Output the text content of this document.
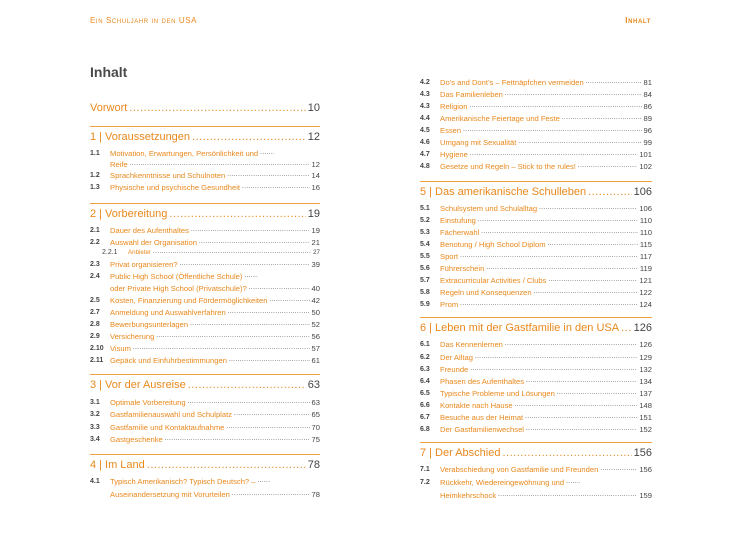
Ein Schuljahr in den USA	Inhalt
Inhalt
Vorwort .....	10
1 | Voraussetzungen .....	12
1.1	Motivation, Erwartungen, Persönlichkeit und
.....
Reife .....	12
1.2	Sprachkenntnisse und Schulnoten .....	14
1.3	Physische und psychische Gesundheit .....	16
2 | Vorbereitung .....	19
2.1	Dauer des Aufenthaltes .....	19
2.2	Auswahl der Organisation .....	21
2.2.1	Anbieter .....	27
2.3	Privat organisieren? .....	39
2.4	Public High School (Öffentliche Schule)
.....
oder Private High School (Privatschule)? .....	40
2.5	Kosten, Finanzierung und Fördermöglichkeiten .....	42
2.7	Anmeldung und Auswahlverfahren .....	50
2.8	Bewerbungsunterlagen .....	52
2.9	Versicherung .....	56
2.10 Visum .....	57
2.11 Gepäck und Einfuhrbestimmungen .....	61
3 | Vor der Ausreise .....	63
3.1	Optimale Vorbereitung .....	63
3.2	Gastfamilienauswahl und Schulplatz .....	65
3.3	Gastfamilie und Kontaktaufnahme .....	70
3.4	Gastgeschenke .....	75
4 | Im Land .....	78
4.1	Typisch Amerikanisch? Typisch Deutsch? –
.....
Auseinandersetzung mit Vorurteilen .....	78
4.2	Do’s and Dont’s – Fettnäpfchen vermeiden .....	81
4.3	Das Familienleben .....	84
4.3	Religion .....	86
4.4	Amerikanische Feiertage und Feste .....	89
4.5	Essen .....	96
4.6	Umgang mit Sexualität .....	99
4.7	Hygiene .....	101
4.8	Gesetze und Regeln – Stick to the rules! .....	102
5 | Das amerikanische Schulleben .....	106
5.1	Schulsystem und Schulalltag .....	106
5.2	Einstufung .....	110
5.3	Fächerwahl .....	110
5.4	Benotung / High School Diplom .....	115
5.5	Sport .....	117
5.6	Führerschein .....	119
5.7	Extracurricular Activities / Clubs .....	121
5.8	Regeln und Konsequenzen .....	122
5.9	Prom .....	124
6 | Leben mit der Gastfamilie in den USA ..... 126
6.1	Das Kennenlernen .....	126
6.2	Der Alltag .....	129
6.3	Freunde .....	132
6.4	Phasen des Aufenthaltes .....	134
6.5	Typische Probleme und Lösungen .....	137
6.6	Kontakte nach Hause .....	148
6.7	Besuche aus der Heimat .....	151
6.8	Der Gastfamilienwechsel .....	152
7 | Der Abschied .....	156
7.1	Verabschiedung von Gastfamilie und Freunden .....	156
7.2	Rückkehr, Wiedereingewöhnung und
.....
Heimkehrschock .....	159
